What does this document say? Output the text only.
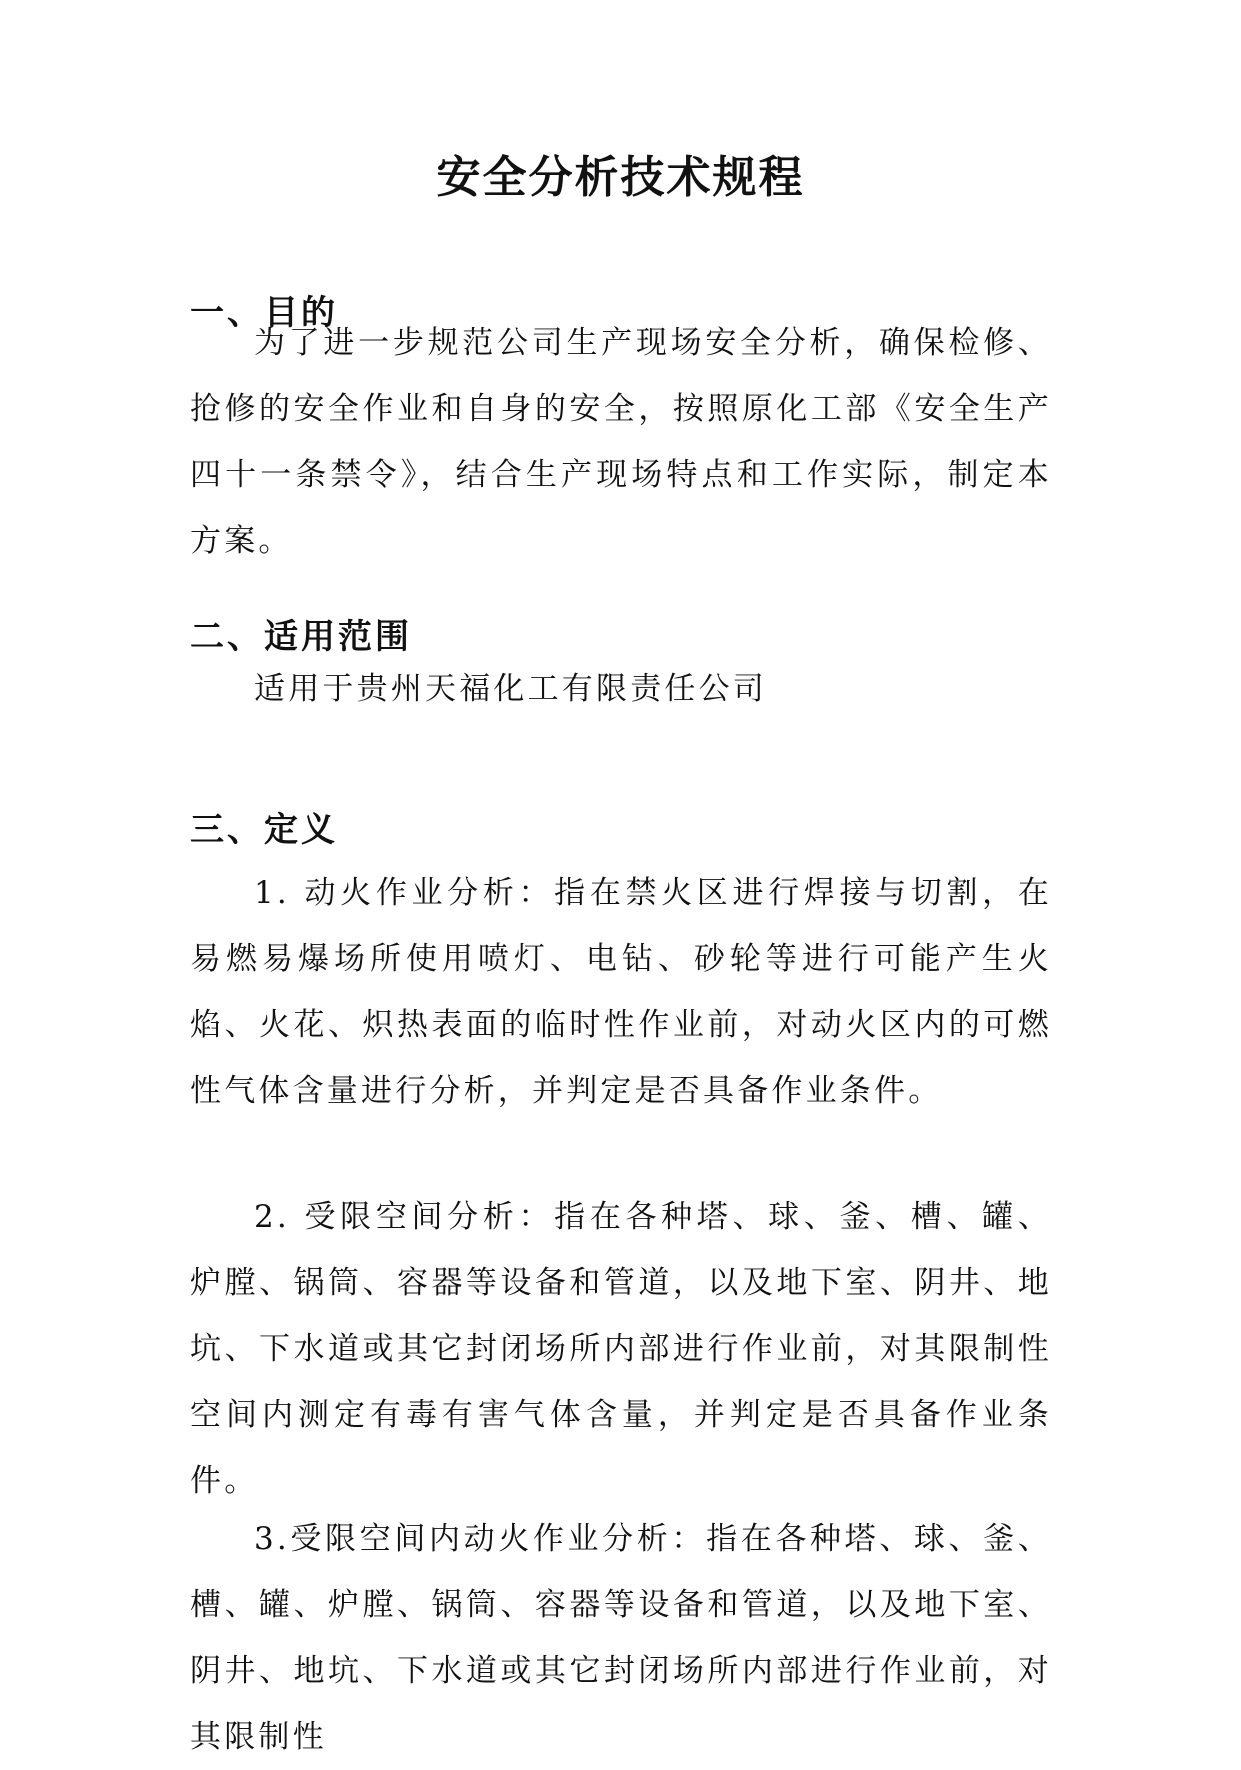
安全分析技术规程
一、目的
为了进一步规范公司生产现场安全分析，确保检修、抢修的安全作业和自身的安全，按照原化工部《安全生产四十一条禁令》，结合生产现场特点和工作实际，制定本方案。
二、适用范围
适用于贵州天福化工有限责任公司
三、定义
1. 动火作业分析：指在禁火区进行焊接与切割，在易燃易爆场所使用喷灯、电钻、砂轮等进行可能产生火焰、火花、炽热表面的临时性作业前，对动火区内的可燃性气体含量进行分析，并判定是否具备作业条件。
2. 受限空间分析：指在各种塔、球、釜、槽、罐、炉膛、锅筒、容器等设备和管道，以及地下室、阴井、地坑、下水道或其它封闭场所内部进行作业前，对其限制性空间内测定有毒有害气体含量，并判定是否具备作业条件。
3.受限空间内动火作业分析：指在各种塔、球、釜、槽、罐、炉膛、锅筒、容器等设备和管道，以及地下室、阴井、地坑、下水道或其它封闭场所内部进行作业前，对其限制性
